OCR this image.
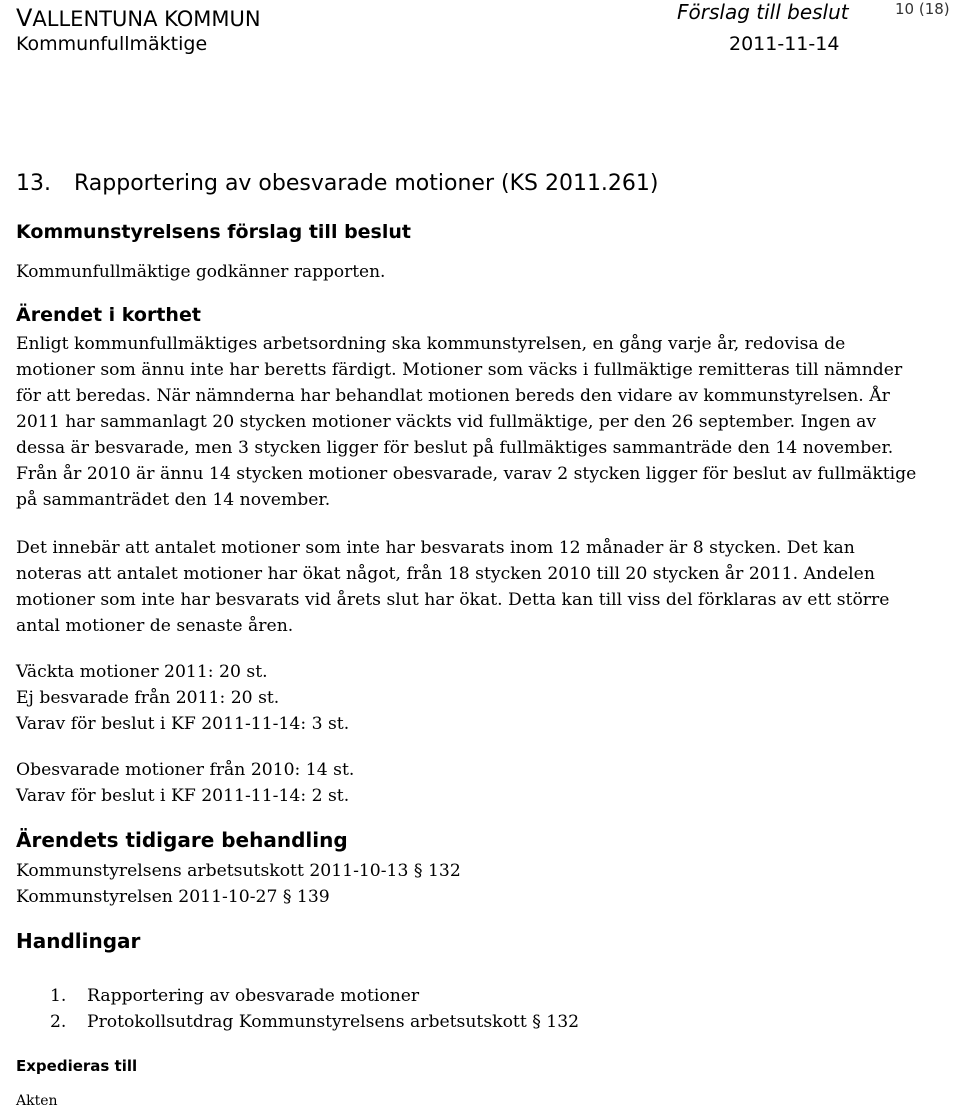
VALLENTUNA KOMMUN
Kommunfullmäktige
Förslag till beslut
2011-11-14
10 (18)
13. Rapportering av obesvarade motioner (KS 2011.261)
Kommunstyrelsens förslag till beslut
Kommunfullmäktige godkänner rapporten.
Ärendet i korthet
Enligt kommunfullmäktiges arbetsordning ska kommunstyrelsen, en gång varje år, redovisa de
motioner som ännu inte har beretts färdigt. Motioner som väcks i fullmäktige remitteras till nämnder
för att beredas. När nämnderna har behandlat motionen bereds den vidare av kommunstyrelsen. År
2011 har sammanlagt 20 stycken motioner väckts vid fullmäktige, per den 26 september. Ingen av
dessa är besvarade, men 3 stycken ligger för beslut på fullmäktiges sammanträde den 14 november.
Från år 2010 är ännu 14 stycken motioner obesvarade, varav 2 stycken ligger för beslut av fullmäktige
på sammanträdet den 14 november.
Det innebär att antalet motioner som inte har besvarats inom 12 månader är 8 stycken. Det kan
noteras att antalet motioner har ökat något, från 18 stycken 2010 till 20 stycken år 2011. Andelen
motioner som inte har besvarats vid årets slut har ökat. Detta kan till viss del förklaras av ett större
antal motioner de senaste åren.
Väckta motioner 2011: 20 st.
Ej besvarade från 2011: 20 st.
Varav för beslut i KF 2011-11-14: 3 st.
Obesvarade motioner från 2010: 14 st.
Varav för beslut i KF 2011-11-14: 2 st.
Ärendets tidigare behandling
Kommunstyrelsens arbetsutskott 2011-10-13 § 132
Kommunstyrelsen 2011-10-27 § 139
Handlingar
1.	Rapportering av obesvarade motioner
2.	Protokollsutdrag Kommunstyrelsens arbetsutskott § 132
Expedieras till
Akten
